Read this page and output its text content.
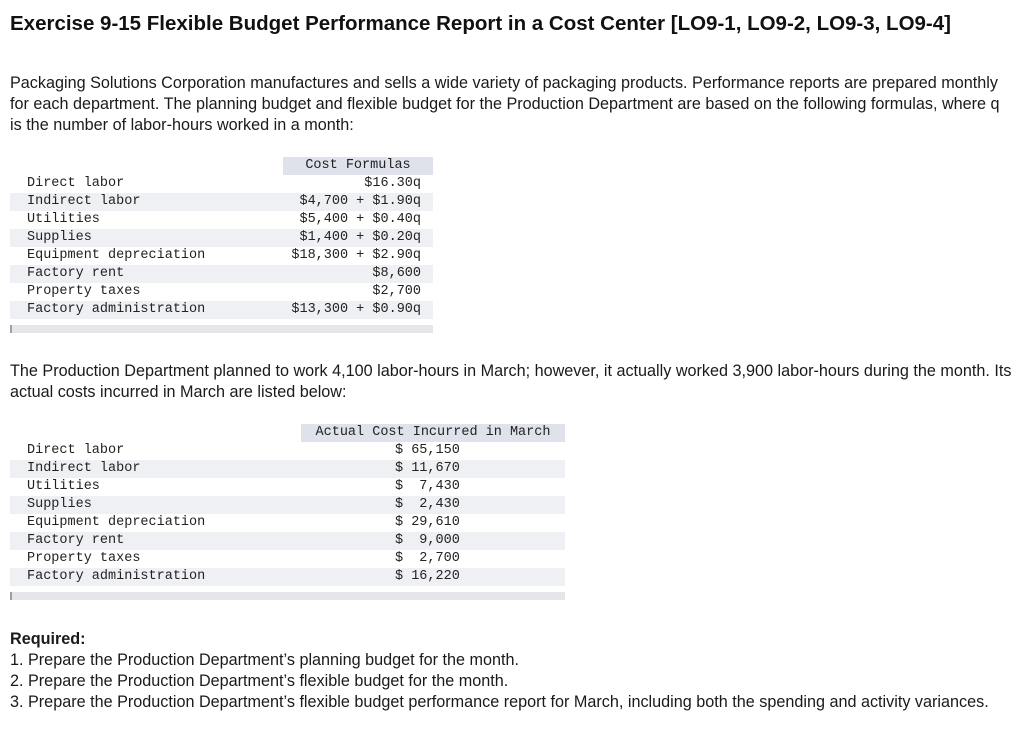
Exercise 9-15 Flexible Budget Performance Report in a Cost Center [LO9-1, LO9-2, LO9-3, LO9-4]

Packaging Solutions Corporation manufactures and sells a wide variety of packaging products. Performance reports are prepared monthly for each department. The planning budget and flexible budget for the Production Department are based on the following formulas, where q is the number of labor-hours worked in a month:

Cost Formulas
Direct labor	$16.30q
Indirect labor	$4,700 + $1.90q
Utilities	$5,400 + $0.40q
Supplies	$1,400 + $0.20q
Equipment depreciation	$18,300 + $2.90q
Factory rent	$8,600
Property taxes	$2,700
Factory administration	$13,300 + $0.90q

The Production Department planned to work 4,100 labor-hours in March; however, it actually worked 3,900 labor-hours during the month. Its actual costs incurred in March are listed below:

Actual Cost Incurred in March
Direct labor	$ 65,150
Indirect labor	$ 11,670
Utilities	$  7,430
Supplies	$  2,430
Equipment depreciation	$ 29,610
Factory rent	$  9,000
Property taxes	$  2,700
Factory administration	$ 16,220
Required:
1. Prepare the Production Department’s planning budget for the month.
2. Prepare the Production Department’s flexible budget for the month.
3. Prepare the Production Department’s flexible budget performance report for March, including both the spending and activity variances.
